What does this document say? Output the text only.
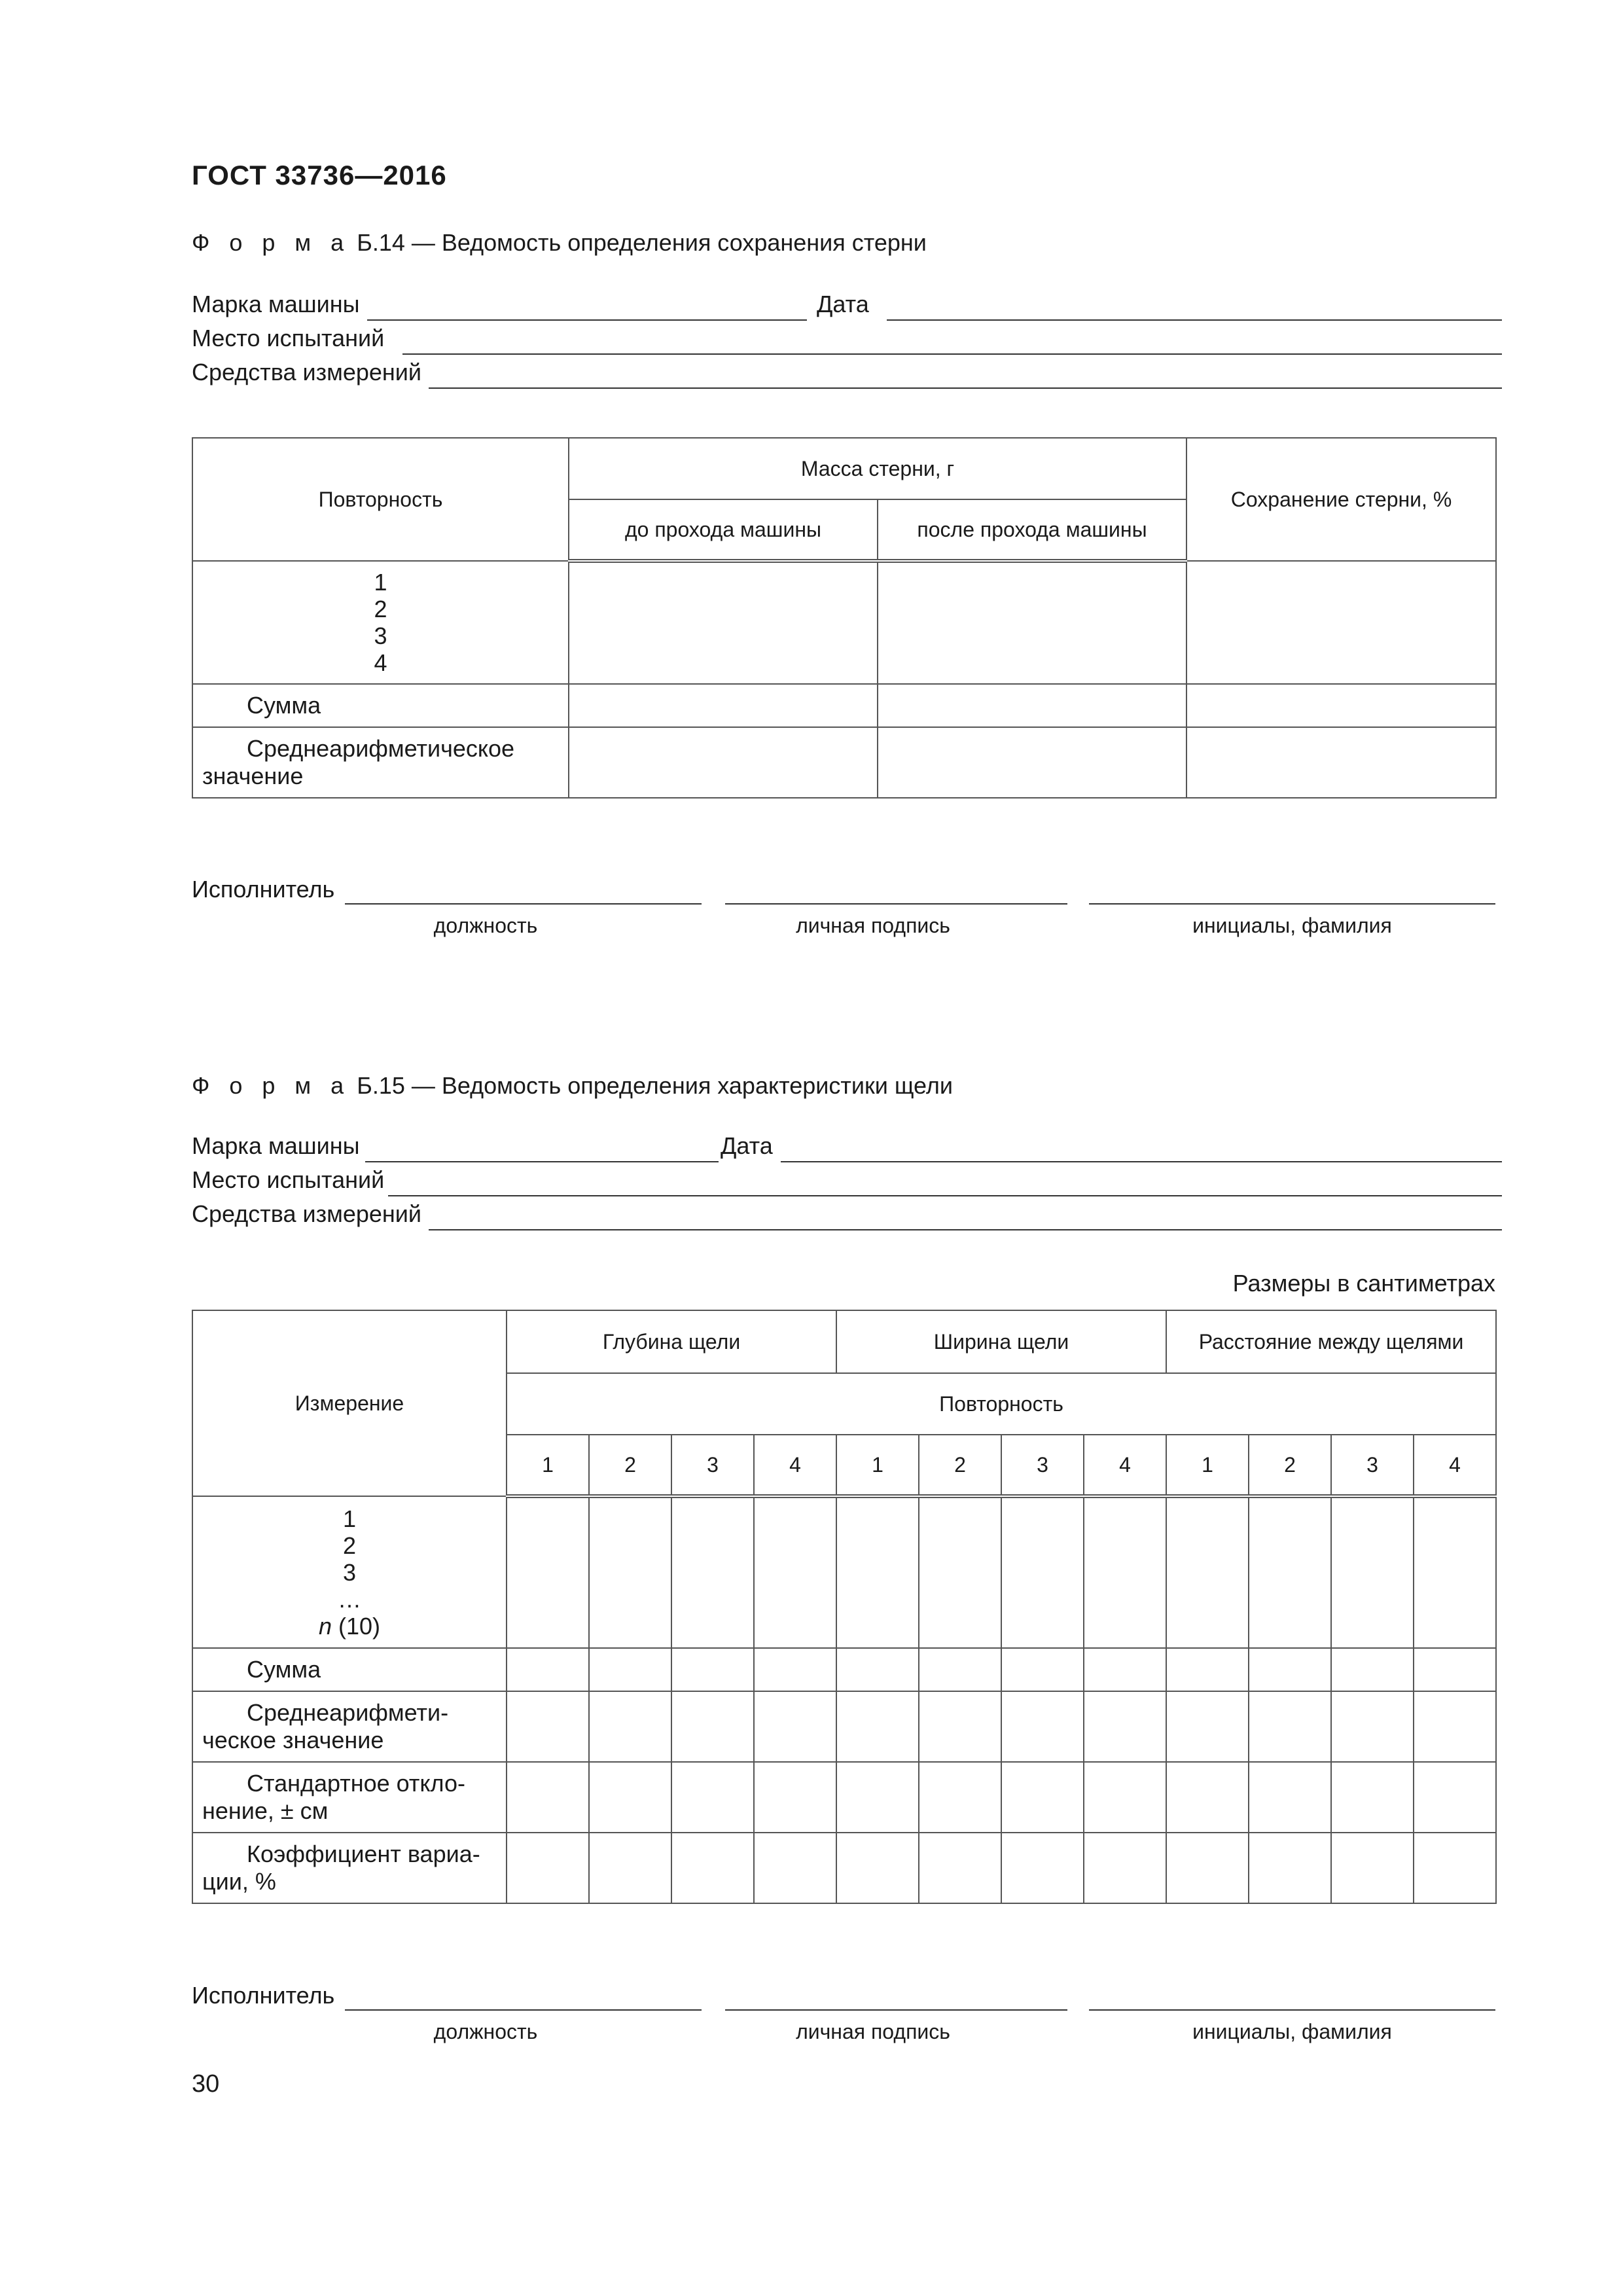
ГОСТ 33736—2016
Ф о р м а Б.14 — Ведомость определения сохранения стерни
Марка машины	Дата
Место испытаний
Средства измерений
Повторность	Масса стерни, г		Сохранение стерни, %
	до прохода машины	после прохода машины	

1
2
3
4			

Сумма			
Среднеарифметическое значение			
Исполнитель
должность	личная подпись	инициалы, фамилия
Ф о р м а Б.15 — Ведомость определения характеристики щели
Марка машины	Дата
Место испытаний
Средства измерений
Размеры в сантиметрах
Измерение	Глубина щели				Ширина щели				Расстояние между щелями			
	Повторность											
	1	2	3	4	1	2	3	4	1	2	3	4

1
2
3
…
n (10)												

Сумма												
Среднеарифмети-
ческое значение												
Стандартное откло-
нение, ± см												
Коэффициент вариа-
ции, %												
Исполнитель
должность	личная подпись	инициалы, фамилия
30
